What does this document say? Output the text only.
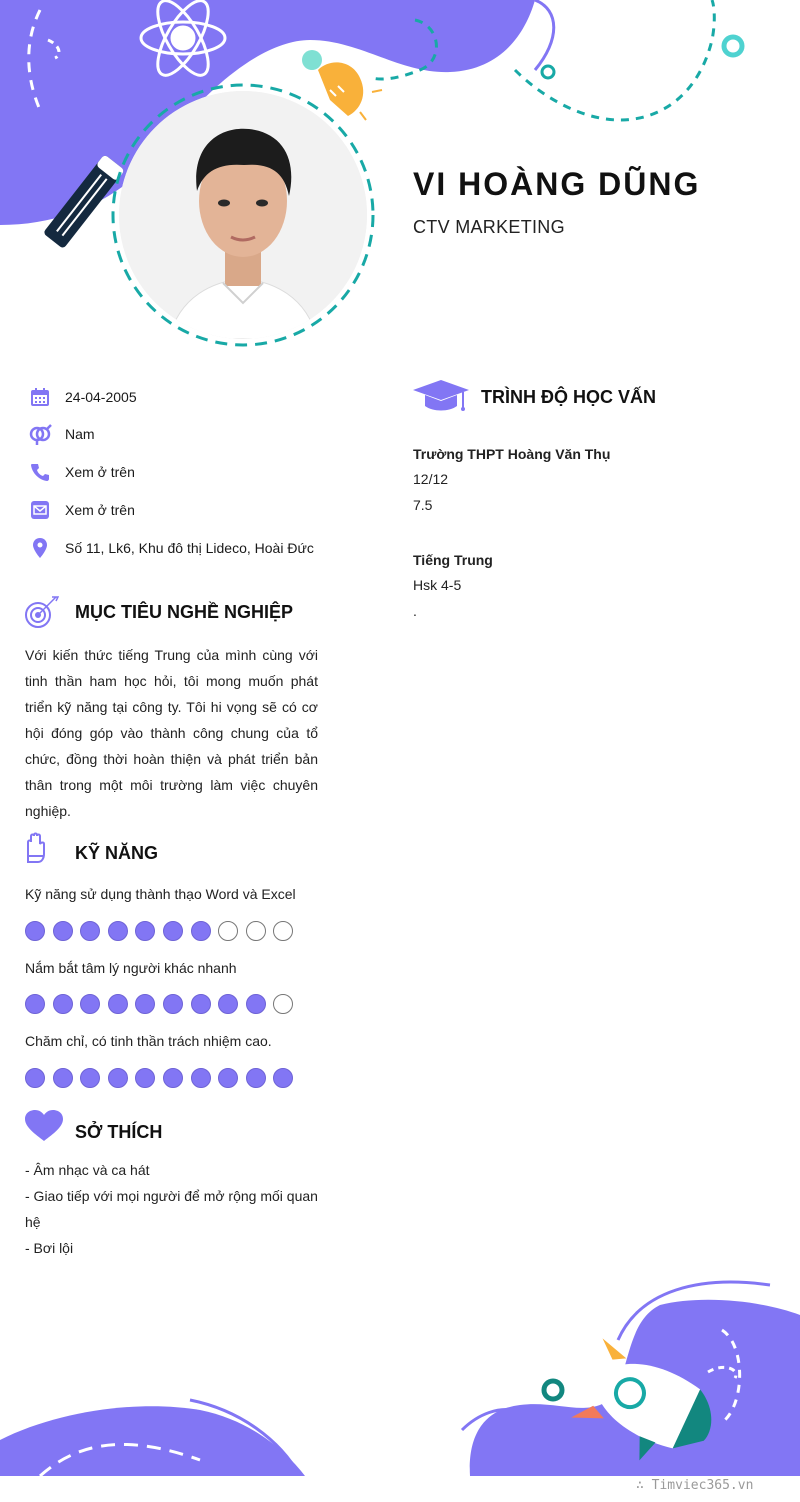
VI HOÀNG DŨNG
CTV MARKETING
24-04-2005
Nam
Xem ở trên
Xem ở trên
Số 11, Lk6, Khu đô thị Lideco, Hoài Đức
MỤC TIÊU NGHỀ NGHIỆP
Với kiến thức tiếng Trung của mình cùng với tinh thần ham học hỏi, tôi mong muốn phát triển kỹ năng tại công ty. Tôi hi vọng sẽ có cơ hội đóng góp vào thành công chung của tổ chức, đồng thời hoàn thiện và phát triển bản thân trong một môi trường làm việc chuyên nghiệp.
KỸ NĂNG
Kỹ năng sử dụng thành thạo Word và Excel
Nắm bắt tâm lý người khác nhanh
Chăm chỉ, có tinh thần trách nhiệm cao.
SỞ THÍCH
- Âm nhạc và ca hát
- Giao tiếp với mọi người để mở rộng mối quan hệ
- Bơi lội
TRÌNH ĐỘ HỌC VẤN
Trường THPT Hoàng Văn Thụ
12/12
7.5
Tiếng Trung
Hsk 4-5
.
∴ Timviec365.vn
